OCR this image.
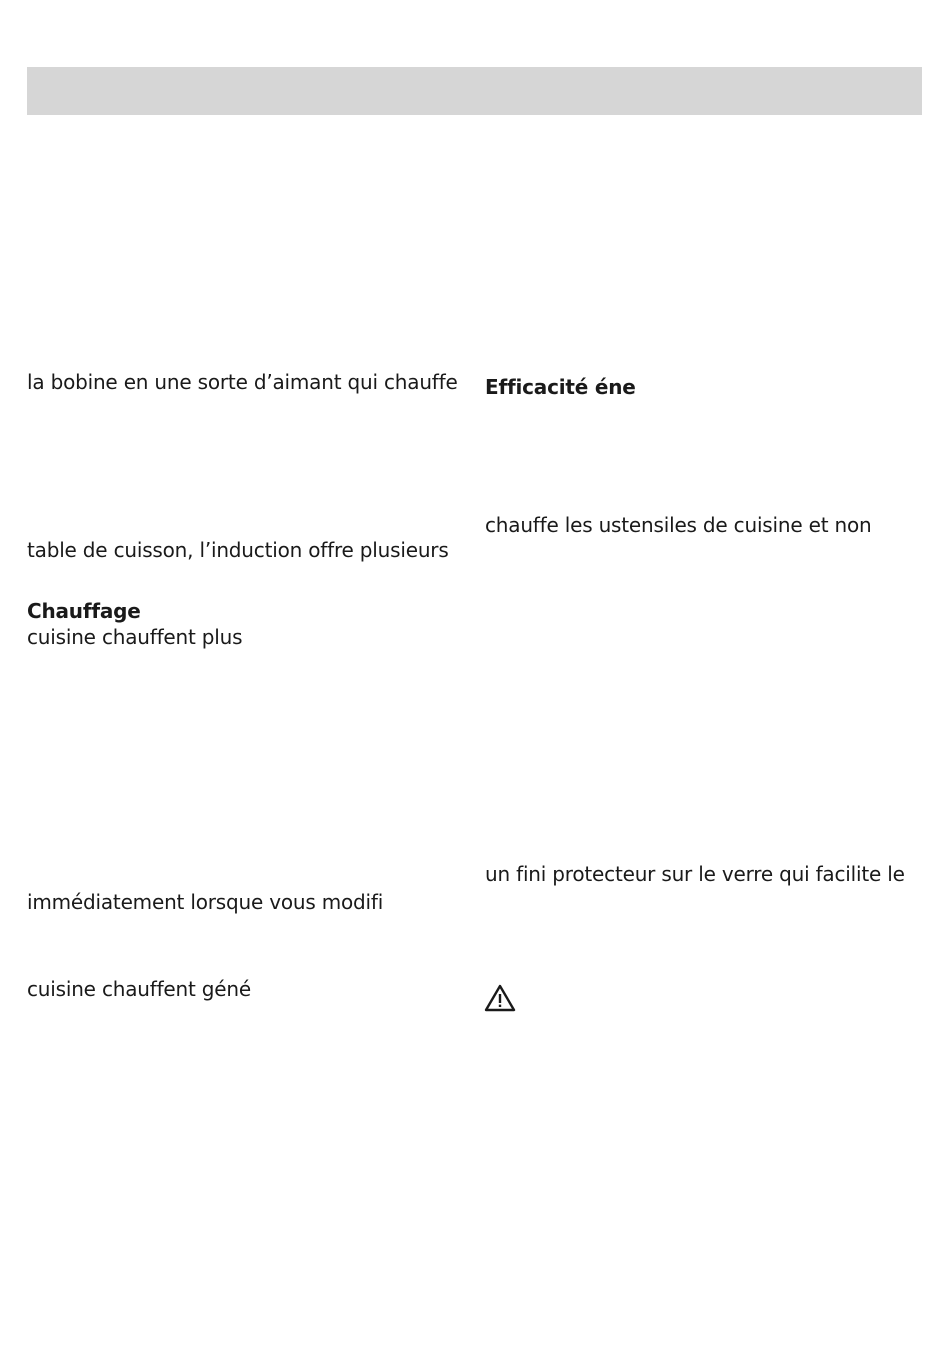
la bobine en une sorte d’aimant qui chauffe
table de cuisson, l’induction offre plusieurs
Chauffage
cuisine chauffent plus
immédiatement lorsque vous modifi
cuisine chauffent géné
Efficacité éne
chauffe les ustensiles de cuisine et non
un fini protecteur sur le verre qui facilite le
